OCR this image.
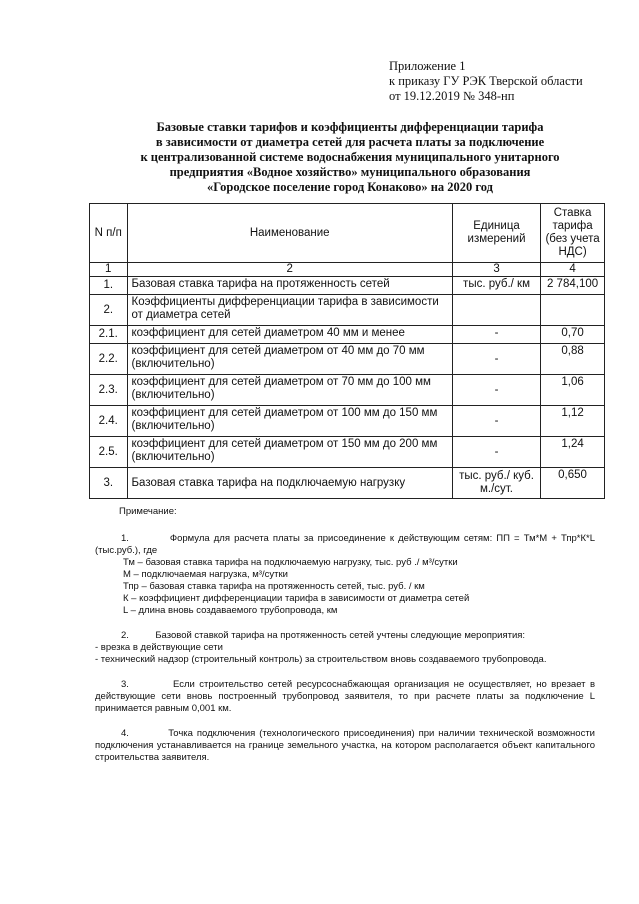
Приложение 1
к приказу ГУ РЭК Тверской области
от 19.12.2019 № 348-нп
Базовые ставки тарифов и коэффициенты дифференциации тарифа
в зависимости от диаметра сетей для расчета платы за подключение
к централизованной системе водоснабжения муниципального унитарного
предприятия «Водное хозяйство» муниципального образования
«Городское поселение город Конаково» на 2020 год
N п/п	Наименование	Единица измерений	Ставка тарифа (без учета НДС)
1	2	3	4
1.	Базовая ставка тарифа на протяженность сетей	тыс. руб./ км	2 784,100
2.	Коэффициенты дифференциации тарифа в зависимости от диаметра сетей		
2.1.	коэффициент для сетей диаметром 40 мм и менее	-	0,70
2.2.	коэффициент для сетей диаметром от 40 мм до 70 мм (включительно)	-	0,88
2.3.	коэффициент для сетей диаметром от 70 мм до 100 мм (включительно)	-	1,06
2.4.	коэффициент для сетей диаметром от 100 мм до 150 мм (включительно)	-	1,12
2.5.	коэффициент для сетей диаметром от 150 мм до 200 мм (включительно)	-	1,24
3.	Базовая ставка тарифа на подключаемую нагрузку	тыс. руб./ куб. м./сут.	0,650
Примечание:

1.          Формула для расчета платы за присоединение к действующим сетям: ПП = Тм*М + Тпр*К*L (тыс.руб.), где

Тм – базовая ставка тарифа на подключаемую нагрузку, тыс. руб ./ м³/сутки

М – подключаемая нагрузка, м³/сутки

Тпр – базовая ставка тарифа на протяженность сетей, тыс. руб. / км

К – коэффициент дифференциации тарифа в зависимости от диаметра сетей

L – длина вновь создаваемого трубопровода, км

2.          Базовой ставкой тарифа на протяженность сетей учтены следующие мероприятия:

- врезка в действующие сети

- технический надзор (строительный контроль) за строительством вновь создаваемого трубопровода.

3.          Если строительство сетей ресурсоснабжающая организация не осуществляет, но врезает в действующие сети вновь построенный трубопровод заявителя, то при расчете платы за подключение L принимается равным 0,001 км.

4.          Точка подключения (технологического присоединения) при наличии технической возможности подключения устанавливается на границе земельного участка, на котором располагается объект капитального строительства заявителя.
